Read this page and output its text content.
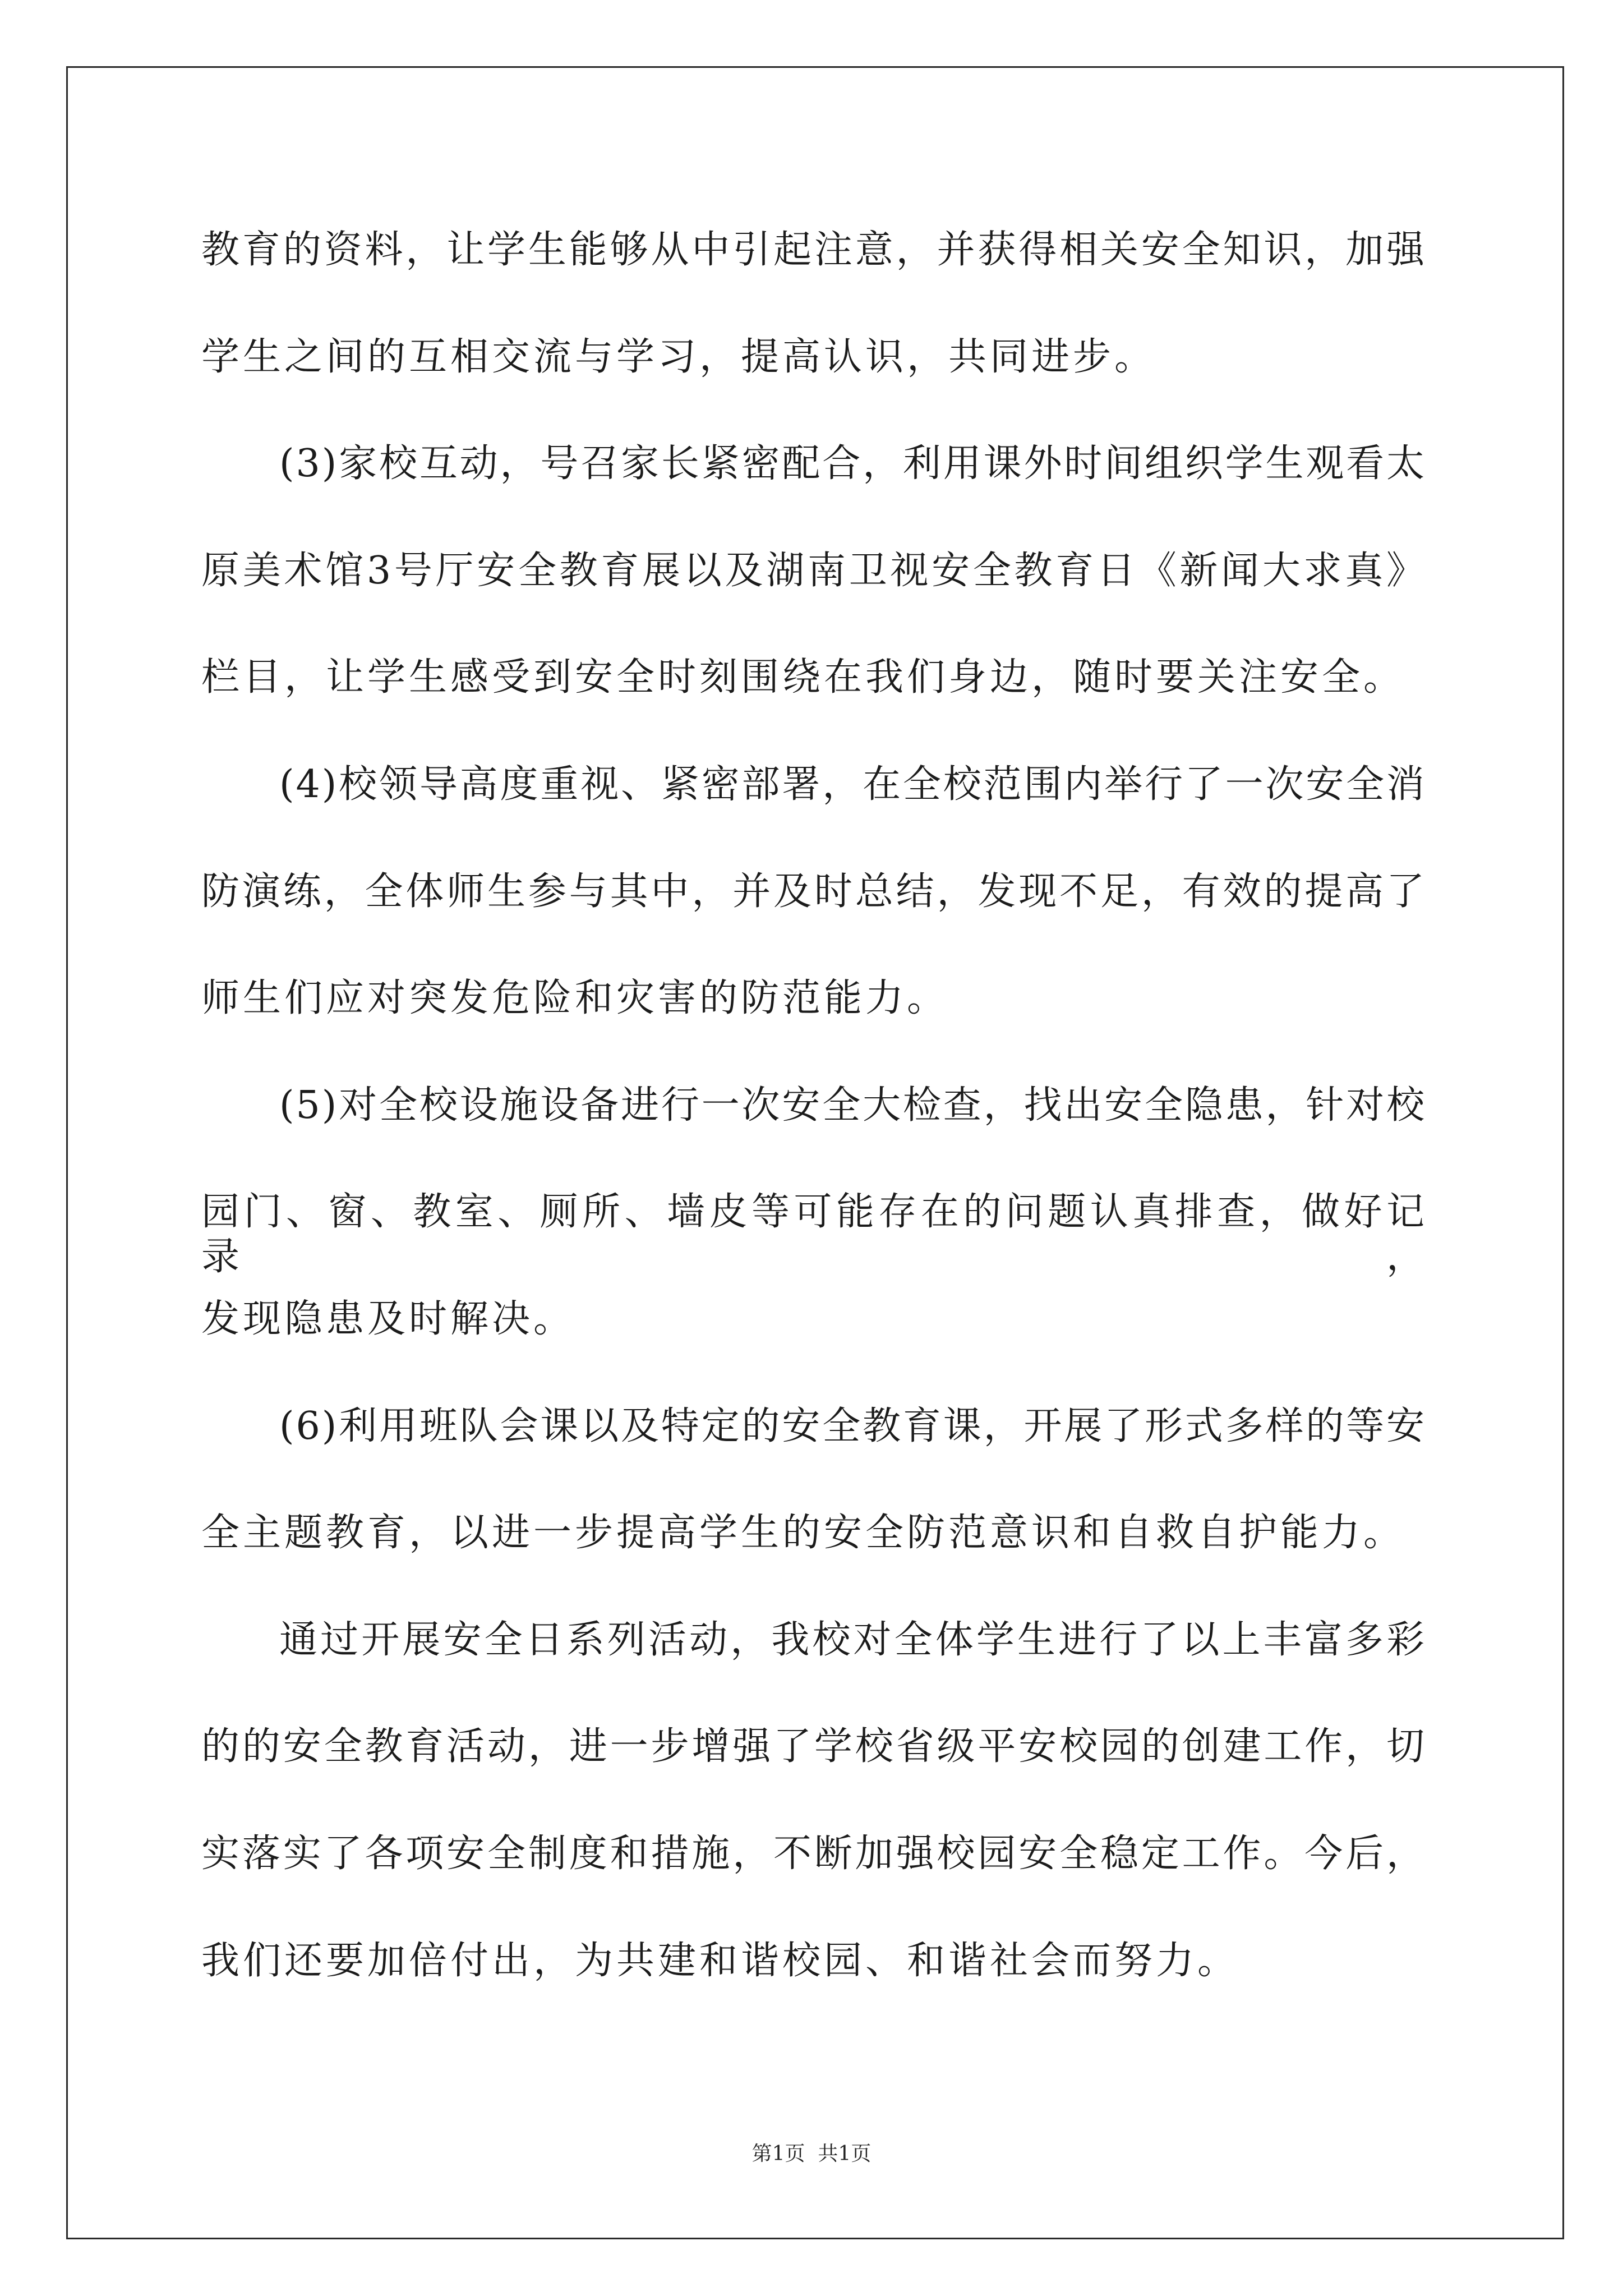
教育的资料，让学生能够从中引起注意，并获得相关安全知识，加强
学生之间的互相交流与学习，提高认识，共同进步。
(3)家校互动，号召家长紧密配合，利用课外时间组织学生观看太
原美术馆3号厅安全教育展以及湖南卫视安全教育日《新闻大求真》
栏目，让学生感受到安全时刻围绕在我们身边，随时要关注安全。
(4)校领导高度重视、紧密部署，在全校范围内举行了一次安全消
防演练，全体师生参与其中，并及时总结，发现不足，有效的提高了
师生们应对突发危险和灾害的防范能力。
(5)对全校设施设备进行一次安全大检查，找出安全隐患，针对校
园门、窗、教室、厕所、墙皮等可能存在的问题认真排查，做好记录，
发现隐患及时解决。
(6)利用班队会课以及特定的安全教育课，开展了形式多样的等安
全主题教育，以进一步提高学生的安全防范意识和自救自护能力。
通过开展安全日系列活动，我校对全体学生进行了以上丰富多彩
的的安全教育活动，进一步增强了学校省级平安校园的创建工作，切
实落实了各项安全制度和措施，不断加强校园安全稳定工作。今后，
我们还要加倍付出，为共建和谐校园、和谐社会而努力。
第1页  共1页
